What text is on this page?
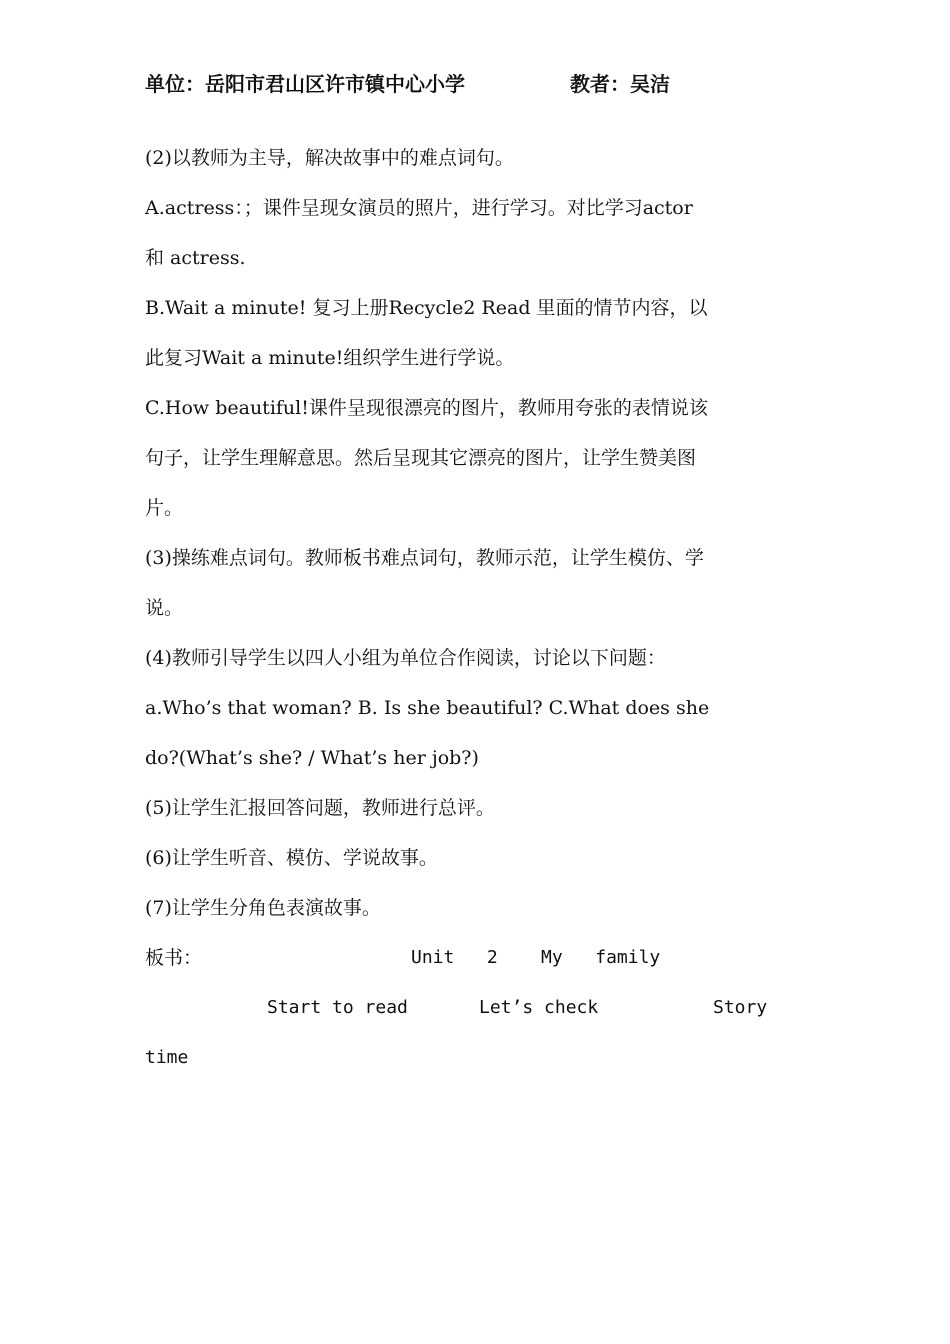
单位：岳阳市君山区许市镇中心小学	教者：吴洁
(2)以教师为主导，解决故事中的难点词句。
A.actress：；课件呈现女演员的照片，进行学习。对比学习actor
和 actress.
B.Wait a minute! 复习上册Recycle2 Read 里面的情节内容，以
此复习Wait a minute!组织学生进行学说。
C.How beautiful!课件呈现很漂亮的图片，教师用夸张的表情说该
句子，让学生理解意思。然后呈现其它漂亮的图片，让学生赞美图
片。
(3)操练难点词句。教师板书难点词句，教师示范，让学生模仿、学
说。
(4)教师引导学生以四人小组为单位合作阅读，讨论以下问题：
a.Who’s that woman? B. Is she beautiful? C.What does she
do?(What’s she? / What’s her job?)
(5)让学生汇报回答问题，教师进行总评。
(6)让学生听音、模仿、学说故事。
(7)让学生分角色表演故事。
板书：	Unit   2    My   family
Start to read	Let’s check	Story
time
